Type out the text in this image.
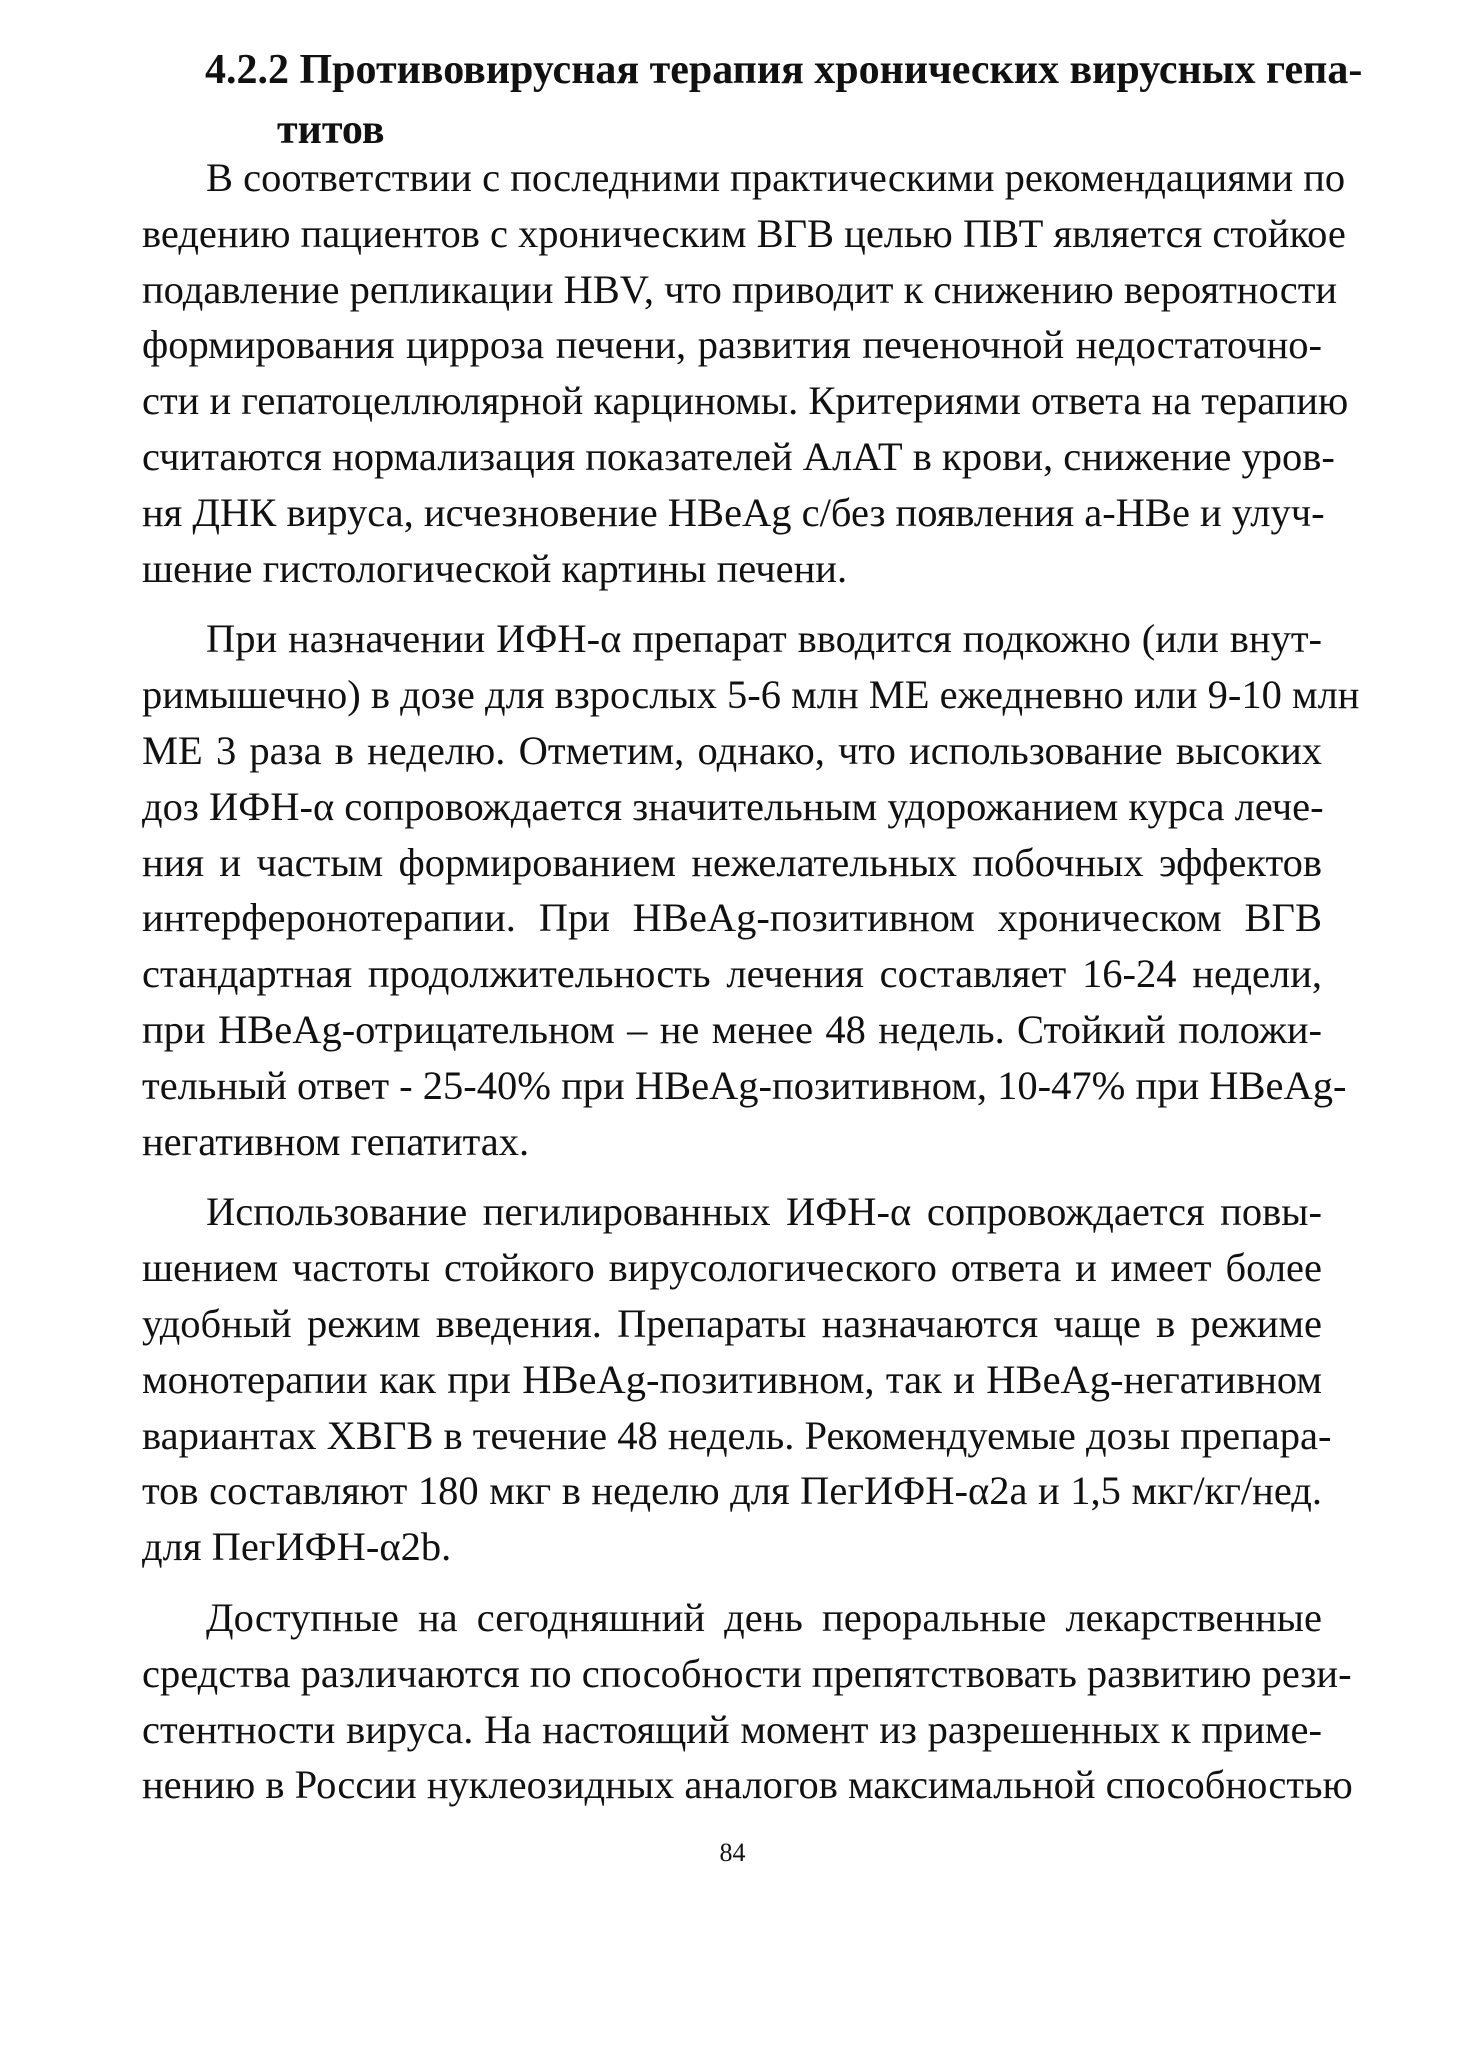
4.2.2 Противовирусная терапия хронических вирусных гепа-
титов
В соответствии с последними практическими рекомендациями по
ведению пациентов с хроническим ВГВ целью ПВТ является стойкое
подавление репликации HBV, что приводит к снижению вероятности
формирования цирроза печени, развития печеночной недостаточно-
сти и гепатоцеллюлярной карциномы. Критериями ответа на терапию
считаются нормализация показателей АлАТ в крови, снижение уров-
ня ДНК вируса, исчезновение HBeAg с/без появления a-HBe и улуч-
шение гистологической картины печени.
При назначении ИФН-α препарат вводится подкожно (или внут-
римышечно) в дозе для взрослых 5-6 млн МЕ ежедневно или 9-10 млн
МЕ 3 раза в неделю. Отметим, однако, что использование высоких
доз ИФН-α сопровождается значительным удорожанием курса лече-
ния и частым формированием нежелательных побочных эффектов
интерферонотерапии. При HBeAg-позитивном хроническом ВГВ
стандартная продолжительность лечения составляет 16-24 недели,
при HBeAg-отрицательном – не менее 48 недель. Стойкий положи-
тельный ответ - 25-40% при HBeAg-позитивном, 10-47% при HBeAg-
негативном гепатитах.
Использование пегилированных ИФН-α сопровождается повы-
шением частоты стойкого вирусологического ответа и имеет более
удобный режим введения. Препараты назначаются чаще в режиме
монотерапии как при HBeAg-позитивном, так и HBeAg-негативном
вариантах ХВГВ в течение 48 недель. Рекомендуемые дозы препара-
тов составляют 180 мкг в неделю для ПегИФН-α2а и 1,5 мкг/кг/нед.
для ПегИФН-α2b.
Доступные на сегодняшний день пероральные лекарственные
средства различаются по способности препятствовать развитию рези-
стентности вируса. На настоящий момент из разрешенных к приме-
нению в России нуклеозидных аналогов максимальной способностью
84
